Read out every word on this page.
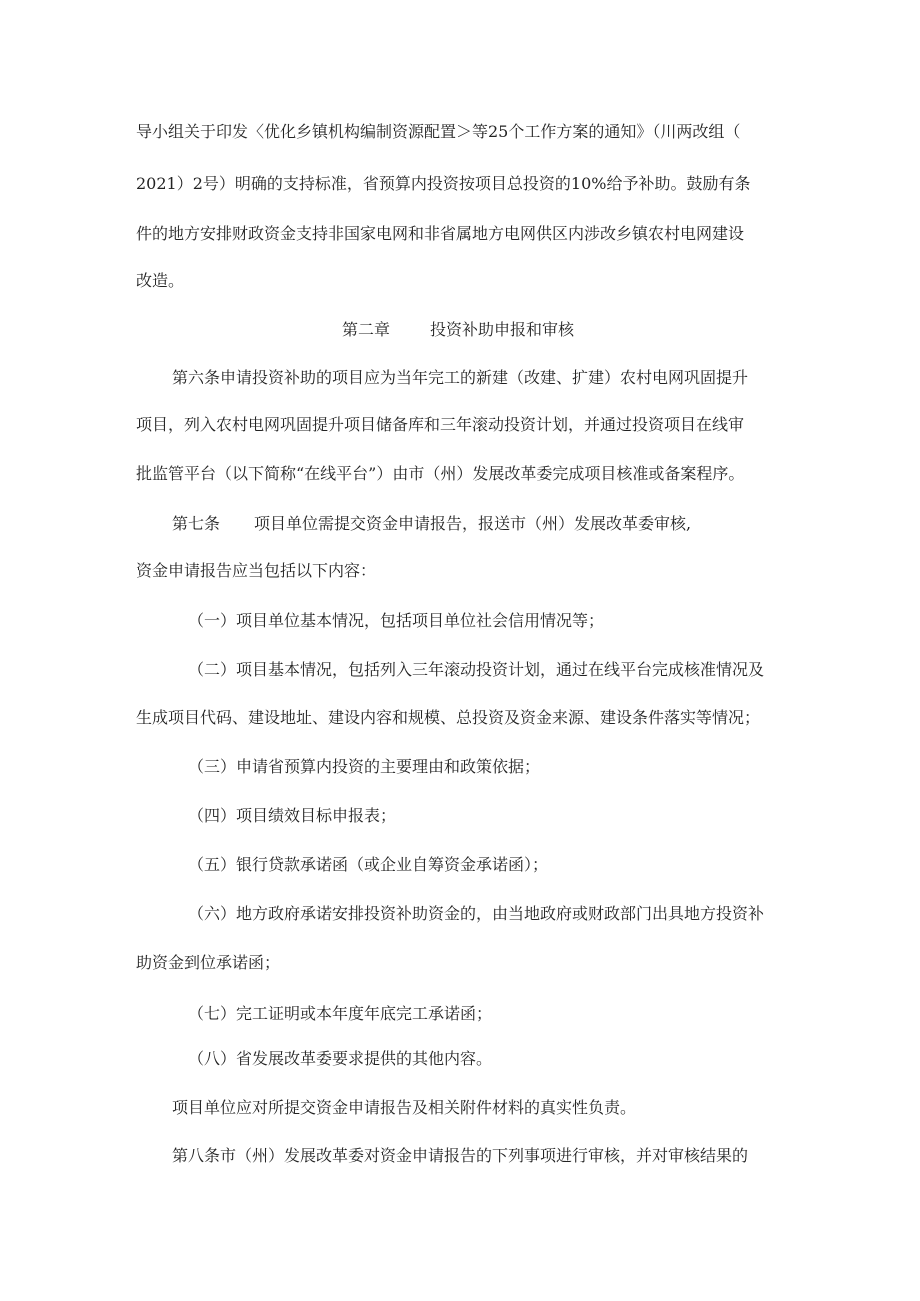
导小组关于印发〈优化乡镇机构编制资源配置＞等25个工作方案的通知》（川两改组（
2021）2号）明确的支持标准，省预算内投资按项目总投资的10%给予补助。鼓励有条
件的地方安排财政资金支持非国家电网和非省属地方电网供区内涉改乡镇农村电网建设
改造。
第二章	投资补助申报和审核
第六条申请投资补助的项目应为当年完工的新建（改建、扩建）农村电网巩固提升
项目，列入农村电网巩固提升项目储备库和三年滚动投资计划，并通过投资项目在线审
批监管平台（以下简称“在线平台”）由市（州）发展改革委完成项目核准或备案程序。
第七条 项目单位需提交资金申请报告，报送市（州）发展改革委审核,
资金申请报告应当包括以下内容：
（一）项目单位基本情况，包括项目单位社会信用情况等；
（二）项目基本情况，包括列入三年滚动投资计划，通过在线平台完成核准情况及
生成项目代码、建设地址、建设内容和规模、总投资及资金来源、建设条件落实等情况；
（三）申请省预算内投资的主要理由和政策依据；
（四）项目绩效目标申报表；
（五）银行贷款承诺函（或企业自筹资金承诺函）；
（六）地方政府承诺安排投资补助资金的，由当地政府或财政部门出具地方投资补
助资金到位承诺函；
（七）完工证明或本年度年底完工承诺函；
（八）省发展改革委要求提供的其他内容。
项目单位应对所提交资金申请报告及相关附件材料的真实性负责。
第八条市（州）发展改革委对资金申请报告的下列事项进行审核，并对审核结果的
